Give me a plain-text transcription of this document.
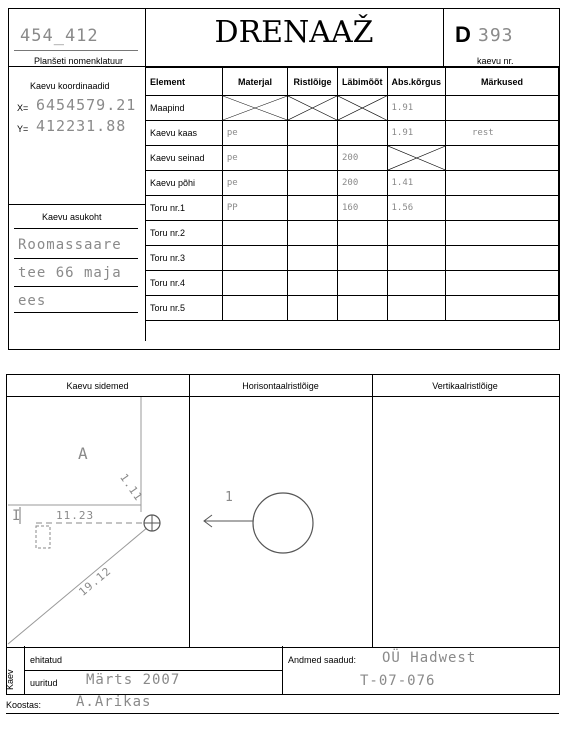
454_412
Planšeti nomenklatuur
DRENAAŽ	D 393
kaevu nr.
Kaevu koordinaadid
X= 6454579.21
Y= 412231.88
Kaevu asukoht
Roomassaare
tee 66 maja
ees
Element	Materjal	Ristlõige	Läbimõõt	Abs.kõrgus	Märkused
Maapind				1.91	
Kaevu kaas	pe			1.91	rest
Kaevu seinad	pe		200	

Kaevu põhi	pe		200	1.41	
Toru nr.1	PP		160	1.56	
Toru nr.2					
Toru nr.3					
Toru nr.4					
Toru nr.5					
Kaevu sidemed	Horisontaalristlõige	Vertikaalristlõige
A
11.23
19.12
1.11
I
1
Kaev
ehitatud
uuritud Märts 2007
Andmed saadud: OÜ Hadwest
T-07-076
Koostas: A.Arikas
